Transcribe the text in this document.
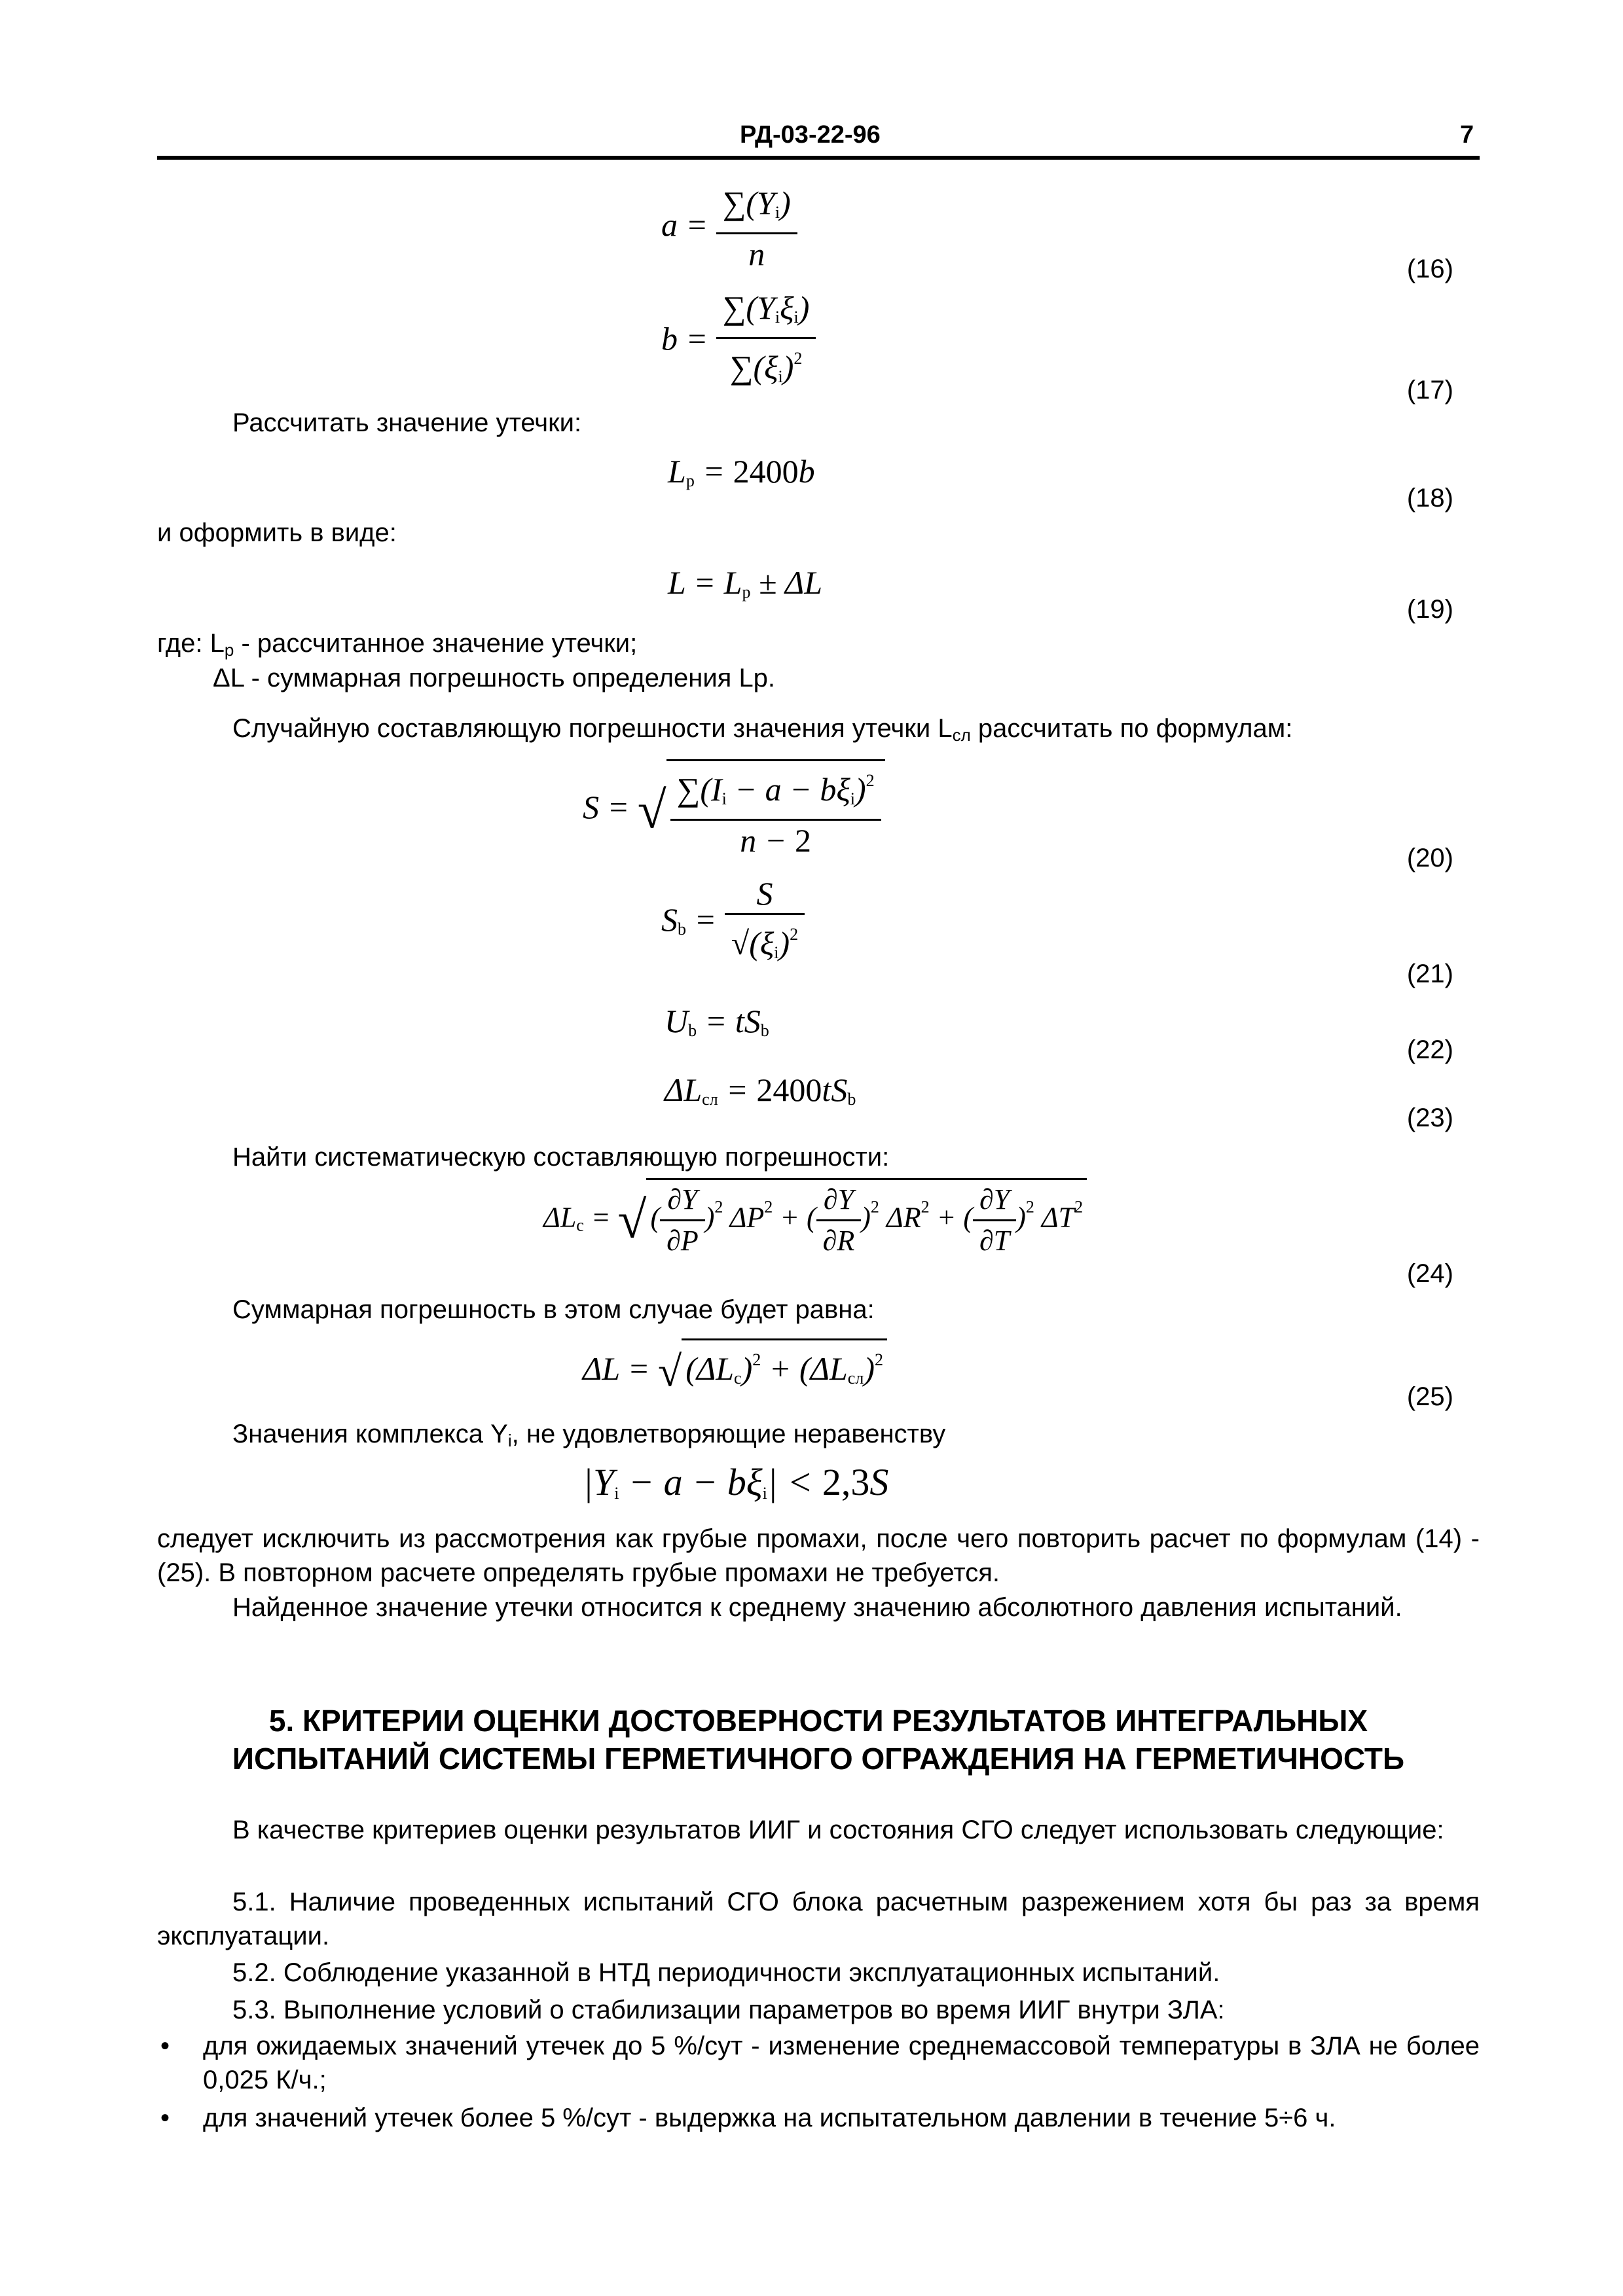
РД-03-22-96	7
$a = \frac{\sum(Y_i)}{n}$	(16)
$b = \frac{\sum(Y_i\xi_i)}{\sum(\xi_i)^2}$	(17)
Рассчитать значение утечки:
$L_p = 2400b$
(18)
и оформить в виде:
$L = L_p \pm \Delta L$
(19)
где: $L_р$ - рассчитанное значение утечки;
ΔL - суммарная погрешность определения Lр.
Случайную составляющую погрешности значения утечки $L_{сл}$ рассчитать по формулам:
S = √ $\frac{\sum(I_i - a - b\xi_i)^2}{n - 2}$	(20)
$S_b = \frac{S}{√(\xi_i)^2}$
(21)
$U_b = tS_b$
(22)
$\Delta L_{сл} = 2400tS_b$
(23)
Найти систематическую составляющую погрешности:
$\Delta L_c$ = √ ( $\frac{\partial Y}{\partial P} )^2$ $\Delta P^2$ + ( $\frac{\partial Y}{\partial R} )^2$ $\Delta R^2$ + ( $\frac{\partial Y}{\partial T} )^2$ $\Delta T^2$
(24)
Суммарная погрешность в этом случае будет равна:
ΔL = √ $(\Delta L_c)^2 + (\Delta L_{сл})^2$
(25)
Значения комплекса $Y_i$, не удовлетворяющие неравенству
$|Y_i - a - b\xi_i| < 2,3S$
следует исключить из рассмотрения как грубые промахи, после чего повторить расчет по формулам (14) - (25). В повторном расчете определять грубые промахи не требуется.
Найденное значение утечки относится к среднему значению абсолютного давления испытаний.
5. КРИТЕРИИ ОЦЕНКИ ДОСТОВЕРНОСТИ РЕЗУЛЬТАТОВ ИНТЕГРАЛЬНЫХ
ИСПЫТАНИЙ СИСТЕМЫ ГЕРМЕТИЧНОГО ОГРАЖДЕНИЯ НА ГЕРМЕТИЧНОСТЬ
В качестве критериев оценки результатов ИИГ и состояния СГО следует использовать следующие:
5.1. Наличие проведенных испытаний СГО блока расчетным разрежением хотя бы раз за время эксплуатации.
5.2. Соблюдение указанной в НТД периодичности эксплуатационных испытаний.
5.3. Выполнение условий о стабилизации параметров во время ИИГ внутри ЗЛА:
• для ожидаемых значений утечек до 5 %/сут - изменение среднемассовой температуры в ЗЛА не более 0,025 К/ч.;
• для значений утечек более 5 %/сут - выдержка на испытательном давлении в течение 5÷6 ч.
